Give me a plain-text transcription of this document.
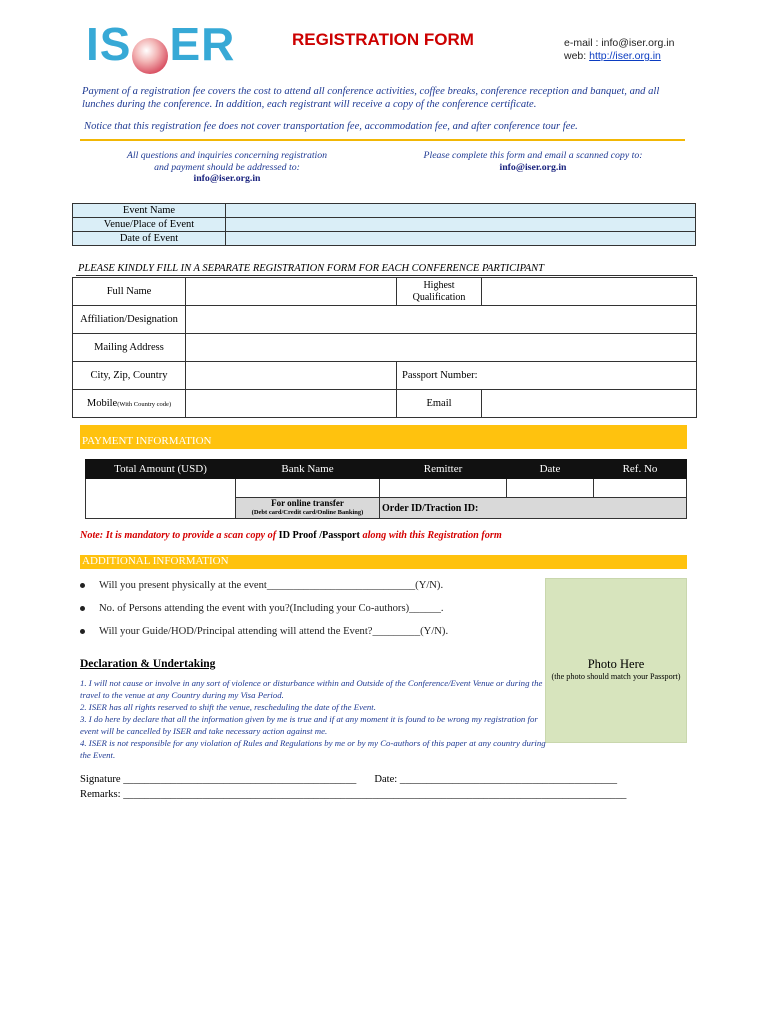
IS ER	REGISTRATION FORM	e-mail : info@iser.org.in
web: http://iser.org.in
Payment of a registration fee covers the cost to attend all conference activities, coffee breaks, conference reception and banquet, and all lunches during the conference. In addition, each registrant will receive a copy of the conference certificate.
Notice that this registration fee does not cover transportation fee, accommodation fee, and after conference tour fee.
All questions and inquiries concerning registration
and payment should be addressed to:
info@iser.org.in
Please complete this form and email a scanned copy to:
info@iser.org.in
Event Name	
Venue/Place of Event	
Date of Event	
PLEASE KINDLY FILL IN A SEPARATE REGISTRATION FORM FOR EACH CONFERENCE PARTICIPANT
Full Name		Highest Qualification	
Affiliation/Designation			
Mailing Address			
City, Zip, Country		Passport Number:	
Mobile(With Country code)		Email	
PAYMENT INFORMATION
Total Amount (USD)	Bank Name	Remitter	Date	Ref. No

	For online transfer
(Debt card/Credit card/Online Banking)	Order ID/Traction ID:		
Note: It is mandatory to provide a scan copy of ID Proof /Passport along with this Registration form
ADDITIONAL INFORMATION
Will you present physically at the event____________________________(Y/N).
No. of Persons attending the event with you?(Including your Co-authors)______.
Will your Guide/HOD/Principal attending will attend the Event?_________(Y/N).
Photo Here
(the photo should match your Passport)
Declaration & Undertaking
1. I will not cause or involve in any sort of violence or disturbance within and Outside of the Conference/Event Venue or during the travel to the venue at any Country during my Visa Period.
2. ISER has all rights reserved to shift the venue, rescheduling the date of the Event.
3. I do here by declare that all the information given by me is true and if at any moment it is found to be wrong my registration for event will be cancelled by ISER and take necessary action against me.
4. ISER is not responsible for any violation of Rules and Regulations by me or by my Co-authors of this paper at any country during the Event.
Signature ____________________________________________ Date: _________________________________________
Remarks: _______________________________________________________________________________________________
